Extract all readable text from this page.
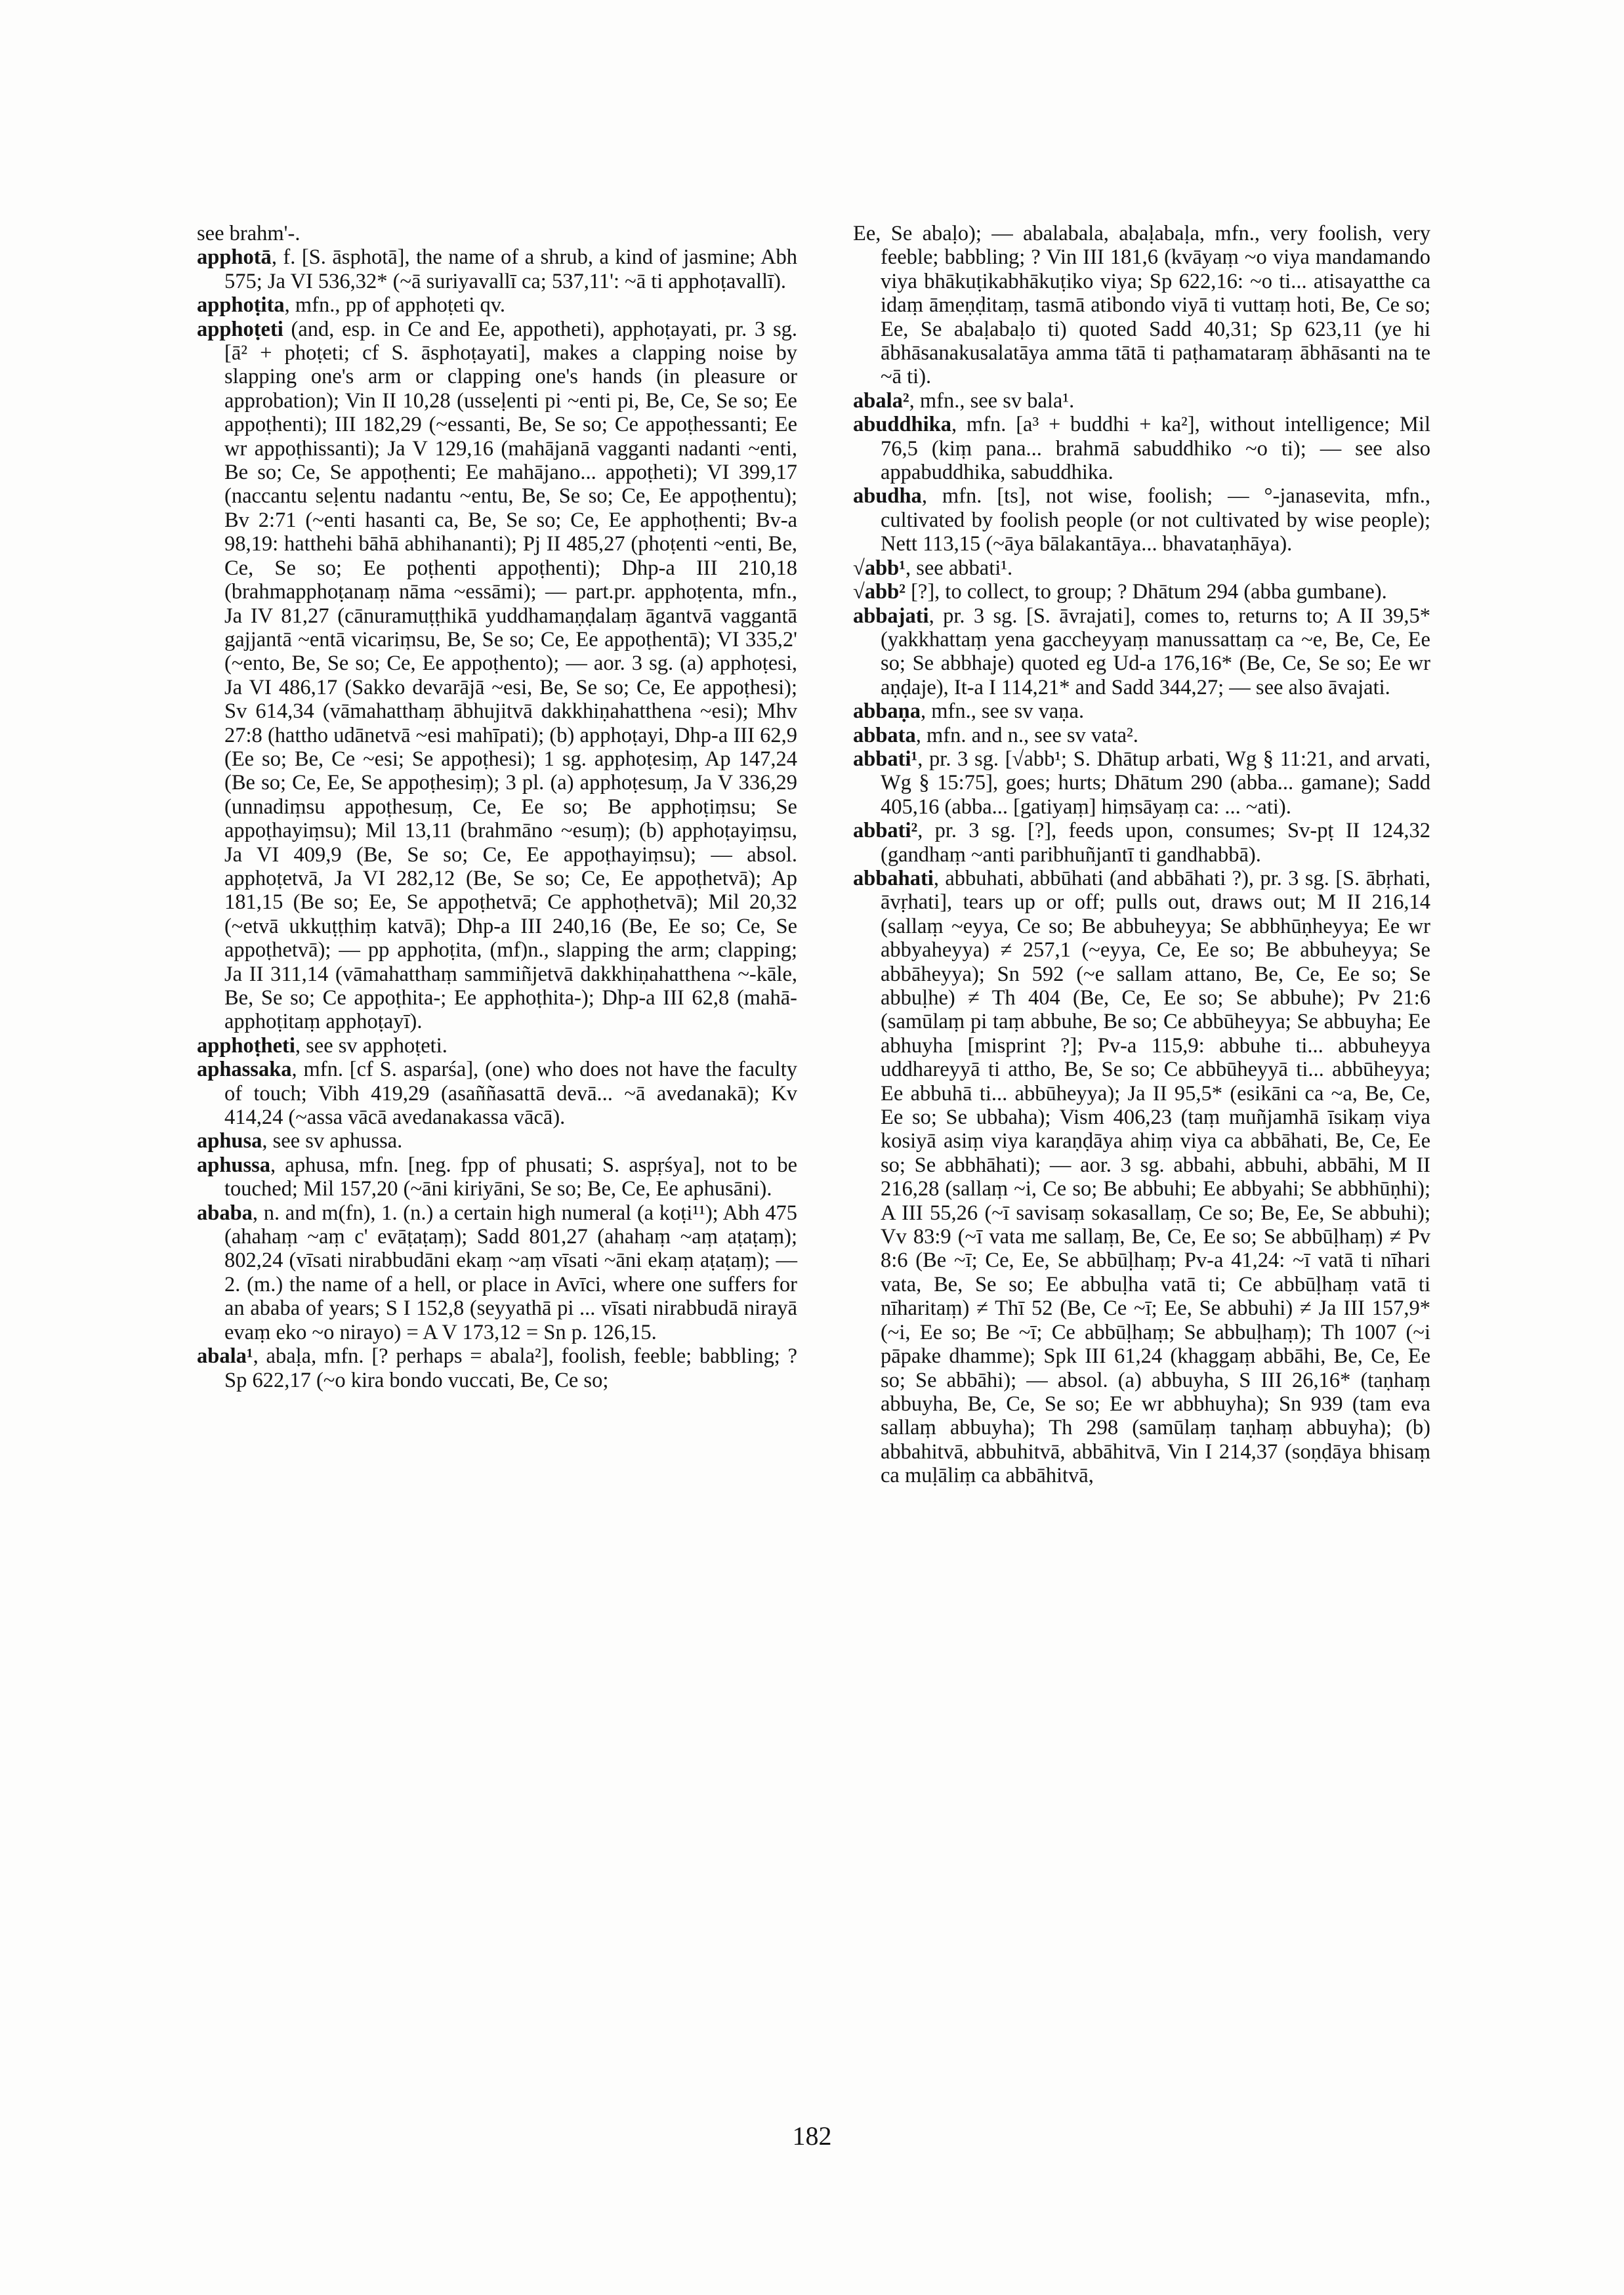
see brahm'-.

apphotā, f. [S. āsphotā], the name of a shrub, a kind of jasmine; Abh 575; Ja VI 536,32* (~ā suriyavallī ca; 537,11': ~ā ti apphoṭavallī).

apphoṭita, mfn., pp of apphoṭeti qv.

apphoṭeti (and, esp. in Ce and Ee, appotheti), apphoṭayati, pr. 3 sg. [ā² + phoṭeti; cf S. āsphoṭayati], makes a clapping noise by slapping one's arm or clapping one's hands (in pleasure or approbation); Vin II 10,28 (usseḷenti pi ~enti pi, Be, Ce, Se so; Ee appoṭhenti); III 182,29 (~essanti, Be, Se so; Ce appoṭhessanti; Ee wr appoṭhissanti); Ja V 129,16 (mahājanā vagganti nadanti ~enti, Be so; Ce, Se appoṭhenti; Ee mahājano... appoṭheti); VI 399,17 (naccantu seḷentu nadantu ~entu, Be, Se so; Ce, Ee appoṭhentu); Bv 2:71 (~enti hasanti ca, Be, Se so; Ce, Ee apphoṭhenti; Bv-a 98,19: hatthehi bāhā abhihananti); Pj II 485,27 (phoṭenti ~enti, Be, Ce, Se so; Ee poṭhenti appoṭhenti); Dhp-a III 210,18 (brahmapphoṭanaṃ nāma ~essāmi); — part.pr. apphoṭenta, mfn., Ja IV 81,27 (cānuramuṭṭhikā yuddhamaṇḍalaṃ āgantvā vaggantā gajjantā ~entā vicariṃsu, Be, Se so; Ce, Ee appoṭhentā); VI 335,2' (~ento, Be, Se so; Ce, Ee appoṭhento); — aor. 3 sg. (a) apphoṭesi, Ja VI 486,17 (Sakko devarājā ~esi, Be, Se so; Ce, Ee appoṭhesi); Sv 614,34 (vāmahatthaṃ ābhujitvā dakkhiṇahatthena ~esi); Mhv 27:8 (hattho udānetvā ~esi mahīpati); (b) apphoṭayi, Dhp-a III 62,9 (Ee so; Be, Ce ~esi; Se appoṭhesi); 1 sg. apphoṭesiṃ, Ap 147,24 (Be so; Ce, Ee, Se appoṭhesiṃ); 3 pl. (a) apphoṭesuṃ, Ja V 336,29 (unnadiṃsu appoṭhesuṃ, Ce, Ee so; Be apphoṭiṃsu; Se appoṭhayiṃsu); Mil 13,11 (brahmāno ~esuṃ); (b) apphoṭayiṃsu, Ja VI 409,9 (Be, Se so; Ce, Ee appoṭhayiṃsu); — absol. apphoṭetvā, Ja VI 282,12 (Be, Se so; Ce, Ee appoṭhetvā); Ap 181,15 (Be so; Ee, Se appoṭhetvā; Ce apphoṭhetvā); Mil 20,32 (~etvā ukkuṭṭhiṃ katvā); Dhp-a III 240,16 (Be, Ee so; Ce, Se appoṭhetvā); — pp apphoṭita, (mf)n., slapping the arm; clapping; Ja II 311,14 (vāmahatthaṃ sammiñjetvā dakkhiṇahatthena ~-kāle, Be, Se so; Ce appoṭhita-; Ee apphoṭhita-); Dhp-a III 62,8 (mahā-apphoṭitaṃ apphoṭayī).

apphoṭheti, see sv apphoṭeti.

aphassaka, mfn. [cf S. asparśa], (one) who does not have the faculty of touch; Vibh 419,29 (asaññasattā devā... ~ā avedanakā); Kv 414,24 (~assa vācā avedanakassa vācā).

aphusa, see sv aphussa.

aphussa, aphusa, mfn. [neg. fpp of phusati; S. aspṛśya], not to be touched; Mil 157,20 (~āni kiriyāni, Se so; Be, Ce, Ee aphusāni).

ababa, n. and m(fn), 1. (n.) a certain high numeral (a koṭi¹¹); Abh 475 (ahahaṃ ~aṃ c' evāṭaṭaṃ); Sadd 801,27 (ahahaṃ ~aṃ aṭaṭaṃ); 802,24 (vīsati nirabbudāni ekaṃ ~aṃ vīsati ~āni ekaṃ aṭaṭaṃ); — 2. (m.) the name of a hell, or place in Avīci, where one suffers for an ababa of years; S I 152,8 (seyyathā pi ... vīsati nirabbudā nirayā evaṃ eko ~o nirayo) = A V 173,12 = Sn p. 126,15.

abala¹, abaḷa, mfn. [? perhaps = abala²], foolish, feeble; babbling; ? Sp 622,17 (~o kira bondo vuccati, Be, Ce so;

Ee, Se abaḷo); — abalabala, abaḷabaḷa, mfn., very foolish, very feeble; babbling; ? Vin III 181,6 (kvāyaṃ ~o viya mandamando viya bhākuṭikabhākuṭiko viya; Sp 622,16: ~o ti... atisayatthe ca idaṃ āmeṇḍitaṃ, tasmā atibondo viyā ti vuttaṃ hoti, Be, Ce so; Ee, Se abaḷabaḷo ti) quoted Sadd 40,31; Sp 623,11 (ye hi ābhāsanakusalatāya amma tātā ti paṭhamataraṃ ābhāsanti na te ~ā ti).

abala², mfn., see sv bala¹.

abuddhika, mfn. [a³ + buddhi + ka²], without intelligence; Mil 76,5 (kiṃ pana... brahmā sabuddhiko ~o ti); — see also appabuddhika, sabuddhika.

abudha, mfn. [ts], not wise, foolish; — °-janasevita, mfn., cultivated by foolish people (or not cultivated by wise people); Nett 113,15 (~āya bālakantāya... bhavataṇhāya).

√abb¹, see abbati¹.

√abb² [?], to collect, to group; ? Dhātum 294 (abba gumbane).

abbajati, pr. 3 sg. [S. āvrajati], comes to, returns to; A II 39,5* (yakkhattaṃ yena gaccheyyaṃ manussattaṃ ca ~e, Be, Ce, Ee so; Se abbhaje) quoted eg Ud-a 176,16* (Be, Ce, Se so; Ee wr aṇḍaje), It-a I 114,21* and Sadd 344,27; — see also āvajati.

abbaṇa, mfn., see sv vaṇa.

abbata, mfn. and n., see sv vata².

abbati¹, pr. 3 sg. [√abb¹; S. Dhātup arbati, Wg § 11:21, and arvati, Wg § 15:75], goes; hurts; Dhātum 290 (abba... gamane); Sadd 405,16 (abba... [gatiyaṃ] hiṃsāyaṃ ca: ... ~ati).

abbati², pr. 3 sg. [?], feeds upon, consumes; Sv-pṭ II 124,32 (gandhaṃ ~anti paribhuñjantī ti gandhabbā).

abbahati, abbuhati, abbūhati (and abbāhati ?), pr. 3 sg. [S. ābṛhati, āvṛhati], tears up or off; pulls out, draws out; M II 216,14 (sallaṃ ~eyya, Ce so; Be abbuheyya; Se abbhūṇheyya; Ee wr abbyaheyya) ≠ 257,1 (~eyya, Ce, Ee so; Be abbuheyya; Se abbāheyya); Sn 592 (~e sallam attano, Be, Ce, Ee so; Se abbuḷhe) ≠ Th 404 (Be, Ce, Ee so; Se abbuhe); Pv 21:6 (samūlaṃ pi taṃ abbuhe, Be so; Ce abbūheyya; Se abbuyha; Ee abhuyha [misprint ?]; Pv-a 115,9: abbuhe ti... abbuheyya uddhareyyā ti attho, Be, Se so; Ce abbūheyyā ti... abbūheyya; Ee abbuhā ti... abbūheyya); Ja II 95,5* (esikāni ca ~a, Be, Ce, Ee so; Se ubbaha); Vism 406,23 (taṃ muñjamhā īsikaṃ viya kosiyā asiṃ viya karaṇḍāya ahiṃ viya ca abbāhati, Be, Ce, Ee so; Se abbhāhati); — aor. 3 sg. abbahi, abbuhi, abbāhi, M II 216,28 (sallaṃ ~i, Ce so; Be abbuhi; Ee abbyahi; Se abbhūṇhi); A III 55,26 (~ī savisaṃ sokasallaṃ, Ce so; Be, Ee, Se abbuhi); Vv 83:9 (~ī vata me sallaṃ, Be, Ce, Ee so; Se abbūḷhaṃ) ≠ Pv 8:6 (Be ~ī; Ce, Ee, Se abbūḷhaṃ; Pv-a 41,24: ~ī vatā ti nīhari vata, Be, Se so; Ee abbuḷha vatā ti; Ce abbūḷhaṃ vatā ti nīharitaṃ) ≠ Thī 52 (Be, Ce ~ī; Ee, Se abbuhi) ≠ Ja III 157,9* (~i, Ee so; Be ~ī; Ce abbūḷhaṃ; Se abbuḷhaṃ); Th 1007 (~i pāpake dhamme); Spk III 61,24 (khaggaṃ abbāhi, Be, Ce, Ee so; Se abbāhi); — absol. (a) abbuyha, S III 26,16* (taṇhaṃ abbuyha, Be, Ce, Se so; Ee wr abbhuyha); Sn 939 (tam eva sallaṃ abbuyha); Th 298 (samūlaṃ taṇhaṃ abbuyha); (b) abbahitvā, abbuhitvā, abbāhitvā, Vin I 214,37 (soṇḍāya bhisaṃ ca muḷāliṃ ca abbāhitvā,

182
